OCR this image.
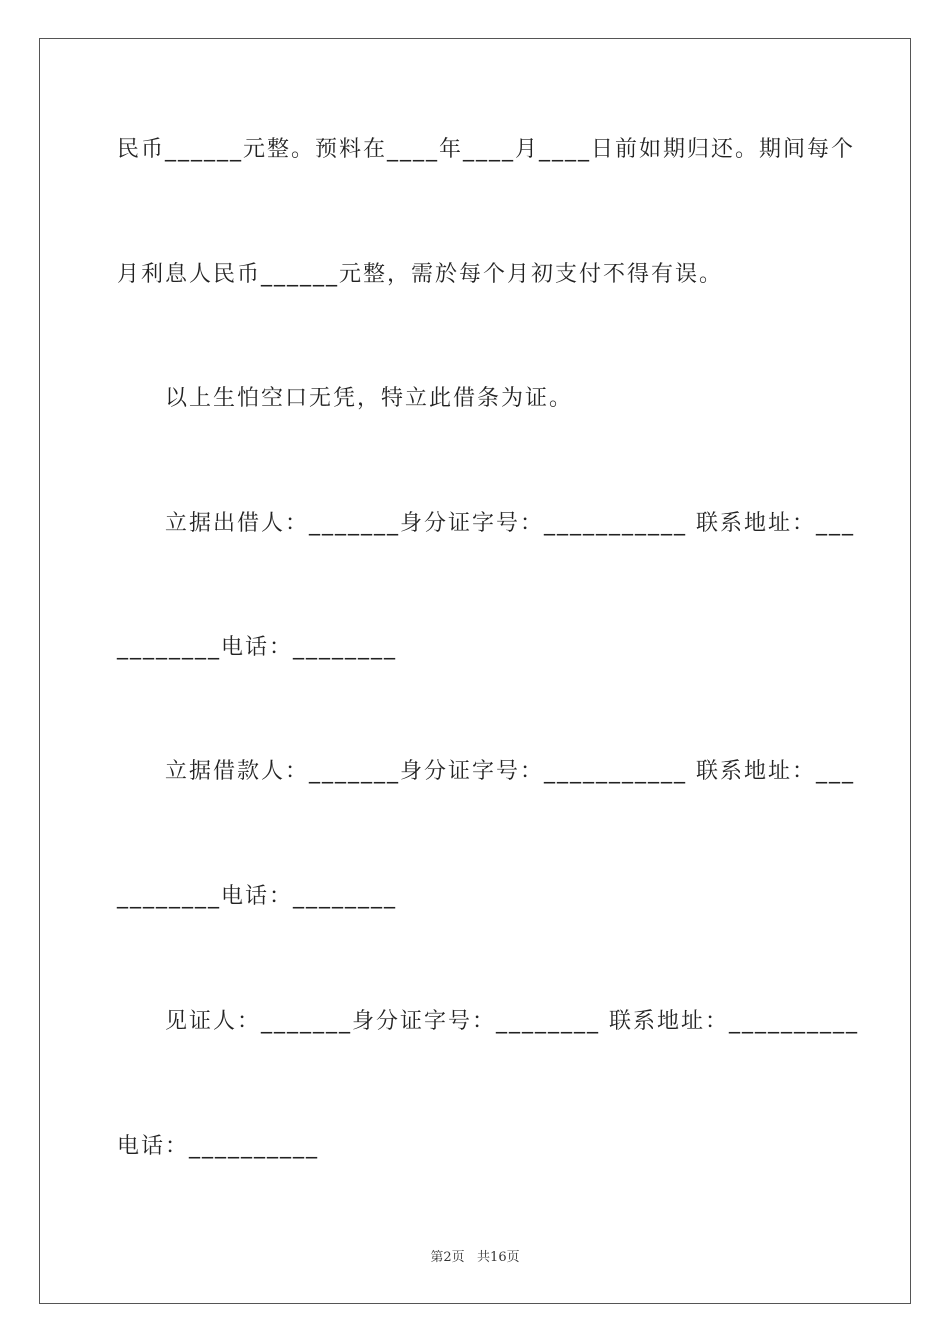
民币______元整。预料在____年____月____日前如期归还。期间每个
月利息人民币______元整，需於每个月初支付不得有误。
以上生怕空口无凭，特立此借条为证。
立据出借人：_______身分证字号：___________ 联系地址：___
________电话：________
立据借款人：_______身分证字号：___________ 联系地址：___
________电话：________
见证人：_______身分证字号：________ 联系地址：__________
电话：__________
第2页   共16页
